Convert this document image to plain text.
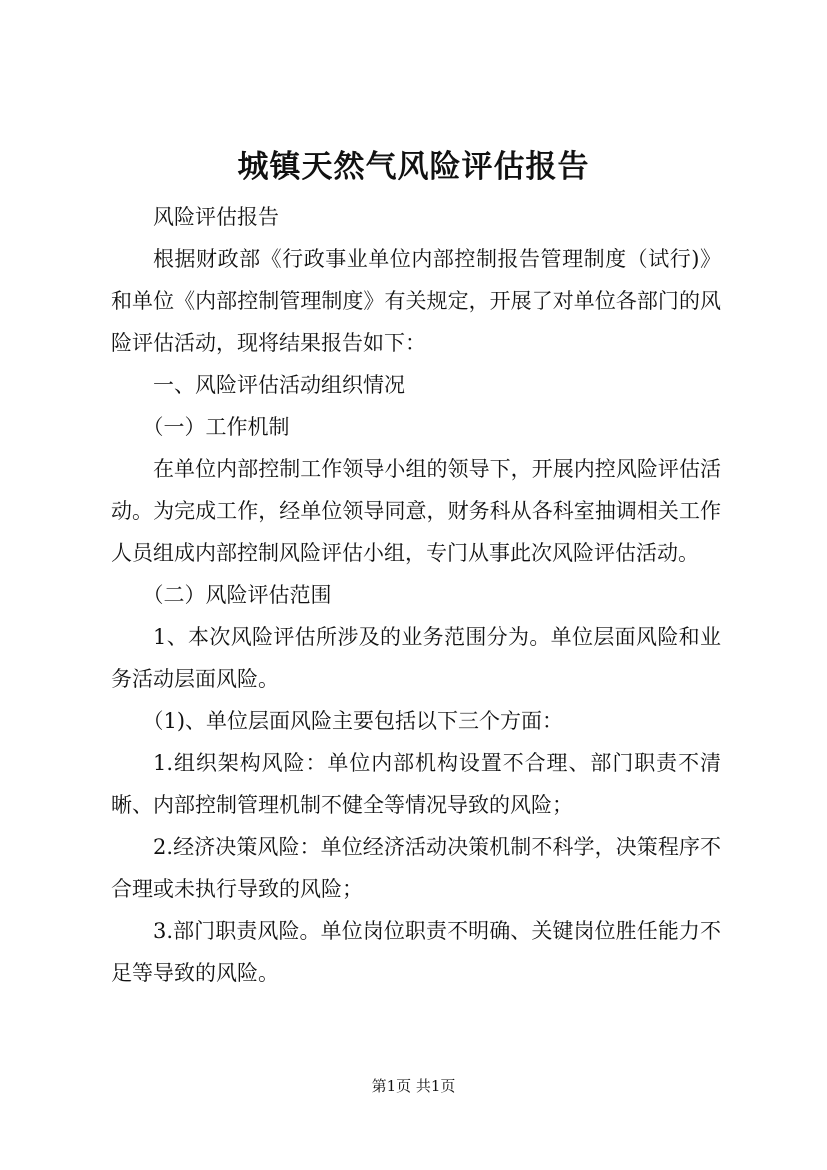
城镇天然气风险评估报告

风险评估报告

根据财政部《行政事业单位内部控制报告管理制度（试行)》和单位《内部控制管理制度》有关规定，开展了对单位各部门的风险评估活动，现将结果报告如下：

一、风险评估活动组织情况

（一）工作机制

在单位内部控制工作领导小组的领导下，开展内控风险评估活动。为完成工作，经单位领导同意，财务科从各科室抽调相关工作人员组成内部控制风险评估小组，专门从事此次风险评估活动。

（二）风险评估范围

1、本次风险评估所涉及的业务范围分为。单位层面风险和业务活动层面风险。

（1)、单位层面风险主要包括以下三个方面：

1.组织架构风险：单位内部机构设置不合理、部门职责不清晰、内部控制管理机制不健全等情况导致的风险；

2.经济决策风险：单位经济活动决策机制不科学，决策程序不合理或未执行导致的风险；

3.部门职责风险。单位岗位职责不明确、关键岗位胜任能力不足等导致的风险。

第1页 共1页
